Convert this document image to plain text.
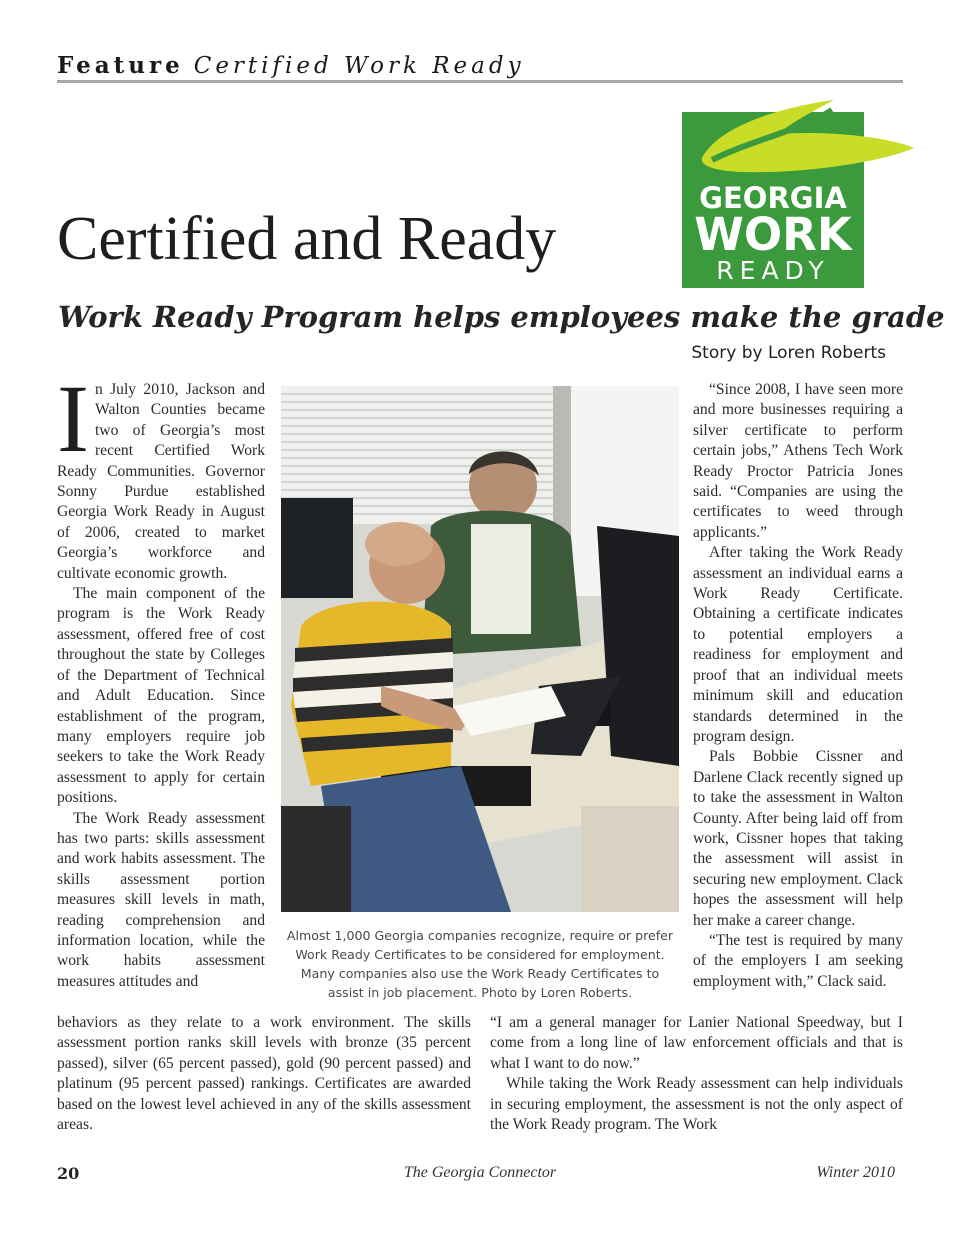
Feature Certified Work Ready
GEORGIA
WORK
READY
Certified and Ready
Work Ready Program helps employees make the grade
Story by Loren Roberts

In July 2010, Jackson and Walton Counties became two of Georgia’s most recent Certified Work Ready Communities. Governor Sonny Purdue established Georgia Work Ready in August of 2006, created to market Georgia’s workforce and cultivate economic growth.

The main component of the program is the Work Ready assessment, offered free of cost throughout the state by Colleges of the Department of Technical and Adult Education. Since establishment of the program, many employers require job seekers to take the Work Ready assessment to apply for certain positions.

The Work Ready assessment has two parts: skills assessment and work habits assessment. The skills assessment portion measures skill levels in math, reading comprehension and information location, while the work habits assessment measures attitudes and

Almost 1,000 Georgia companies recognize, require or prefer Work Ready Certificates to be considered for employment. Many companies also use the Work Ready Certificates to assist in job placement. Photo by Loren Roberts.

“Since 2008, I have seen more and more businesses requiring a silver certificate to perform certain jobs,” Athens Tech Work Ready Proctor Patricia Jones said. “Companies are using the certificates to weed through applicants.”

After taking the Work Ready assessment an individual earns a Work Ready Certificate. Obtaining a certificate indicates to potential employers a readiness for employment and proof that an individual meets minimum skill and education standards determined in the program design.

Pals Bobbie Cissner and Darlene Clack recently signed up to take the assessment in Walton County. After being laid off from work, Cissner hopes that taking the assessment will assist in securing new employment. Clack hopes the assessment will help her make a career change.

“The test is required by many of the employers I am seeking employment with,” Clack said.

behaviors as they relate to a work environment. The skills assessment portion ranks skill levels with bronze (35 percent passed), silver (65 percent passed), gold (90 percent passed) and platinum (95 percent passed) rankings. Certificates are awarded based on the lowest level achieved in any of the skills assessment areas.

“I am a general manager for Lanier National Speedway, but I come from a long line of law enforcement officials and that is what I want to do now.”

While taking the Work Ready assessment can help individuals in securing employment, the assessment is not the only aspect of the Work Ready program. The Work

20	The Georgia Connector	Winter 2010
